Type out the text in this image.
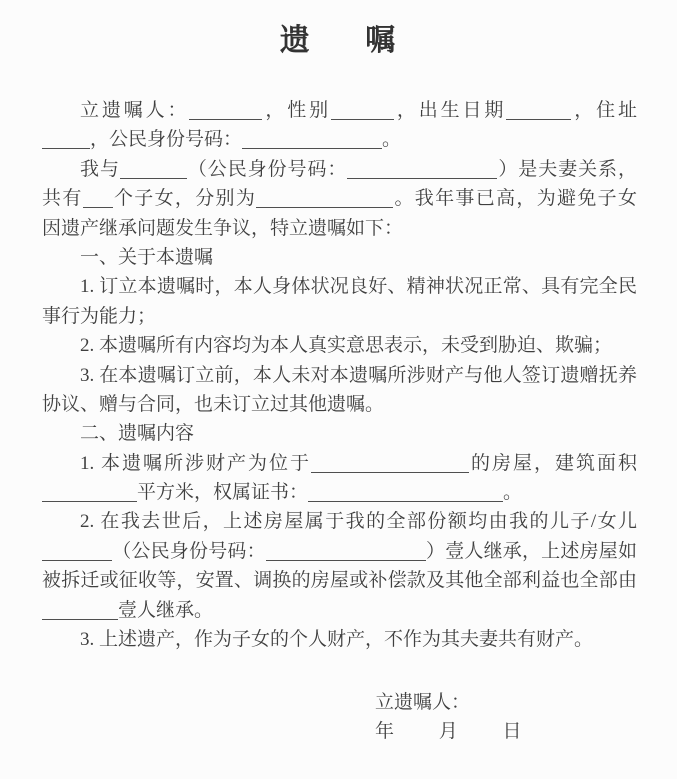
遗 嘱
立遗嘱人：	，性别	，出生日期	，住址
，公民身份号码：	。
我与	（公民身份号码：	）是夫妻关系，
共有 个子女，分别为	。我年事已高，为避免子女
因遗产继承问题发生争议，特立遗嘱如下：
一、关于本遗嘱
1. 订立本遗嘱时，本人身体状况良好、精神状况正常、具有完全民
事行为能力；
2. 本遗嘱所有内容均为本人真实意思表示，未受到胁迫、欺骗；
3. 在本遗嘱订立前，本人未对本遗嘱所涉财产与他人签订遗赠抚养
协议、赠与合同，也未订立过其他遗嘱。
二、遗嘱内容
1. 本遗嘱所涉财产为位于	的房屋，建筑面积
平方米，权属证书：	。
2. 在我去世后，上述房屋属于我的全部份额均由我的儿子/女儿
（公民身份号码：	）壹人继承，上述房屋如
被拆迁或征收等，安置、调换的房屋或补偿款及其他全部利益也全部由
壹人继承。
3. 上述遗产，作为子女的个人财产，不作为其夫妻共有财产。
立遗嘱人：
年 月 日
